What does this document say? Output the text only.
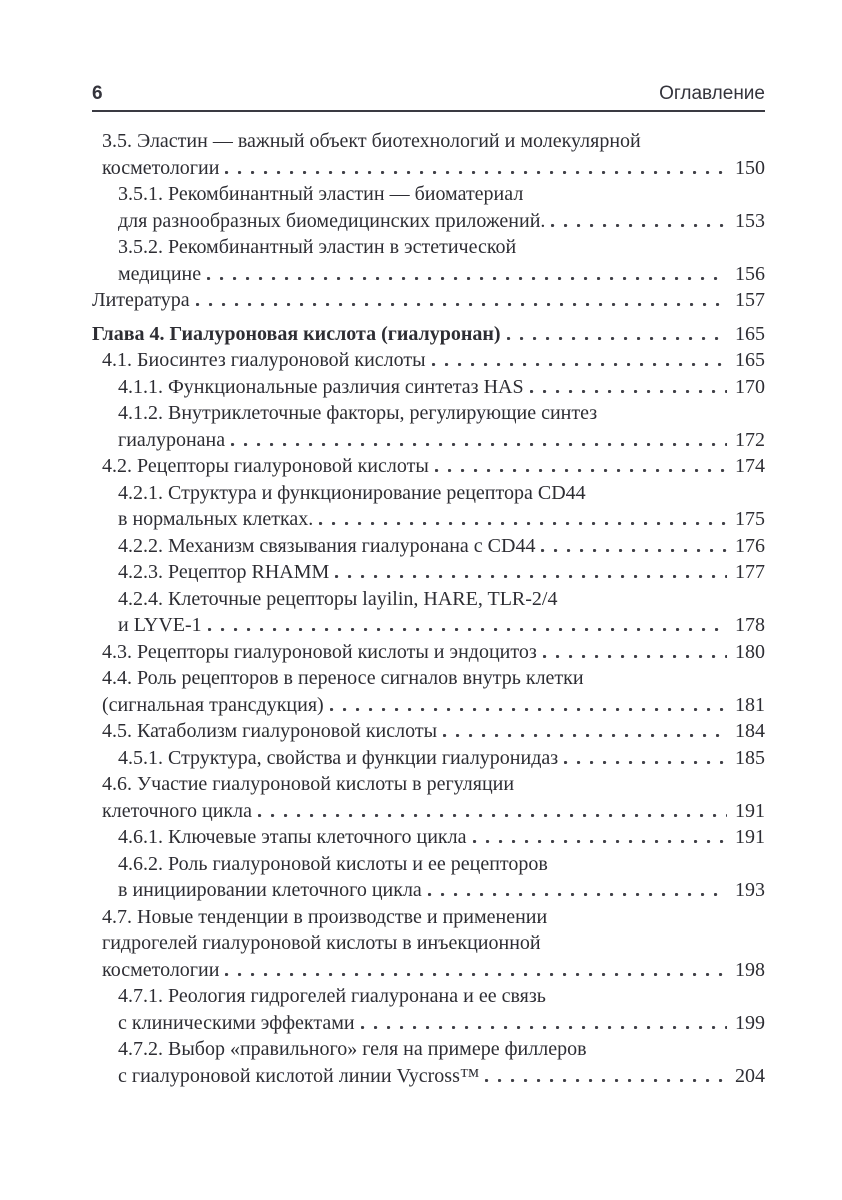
6	Оглавление
3.5. Эластин — важный объект биотехнологий и молекулярной
косметологии	150
3.5.1. Рекомбинантный эластин — биоматериал
для разнообразных биомедицинских приложений.	153
3.5.2. Рекомбинантный эластин в эстетической
медицине	156
Литература	157
Глава 4. Гиалуроновая кислота (гиалуронан)	165
4.1. Биосинтез гиалуроновой кислоты	165
4.1.1. Функциональные различия синтетаз HAS	170
4.1.2. Внутриклеточные факторы, регулирующие синтез
гиалуронана	172
4.2. Рецепторы гиалуроновой кислоты	174
4.2.1. Структура и функционирование рецептора CD44
в нормальных клетках.	175
4.2.2. Механизм связывания гиалуронана с CD44	176
4.2.3. Рецептор RHAMM	177
4.2.4. Клеточные рецепторы layilin, HARE, TLR-2/4
и LYVE-1	178
4.3. Рецепторы гиалуроновой кислоты и эндоцитоз	180
4.4. Роль рецепторов в переносе сигналов внутрь клетки
(сигнальная трансдукция)	181
4.5. Катаболизм гиалуроновой кислоты	184
4.5.1. Структура, свойства и функции гиалуронидаз	185
4.6. Участие гиалуроновой кислоты в регуляции
клеточного цикла	191
4.6.1. Ключевые этапы клеточного цикла	191
4.6.2. Роль гиалуроновой кислоты и ее рецепторов
в инициировании клеточного цикла	193
4.7. Новые тенденции в производстве и применении
гидрогелей гиалуроновой кислоты в инъекционной
косметологии	198
4.7.1. Реология гидрогелей гиалуронана и ее связь
с клиническими эффектами	199
4.7.2. Выбор «правильного» геля на примере филлеров
с гиалуроновой кислотой линии Vycross™	204
